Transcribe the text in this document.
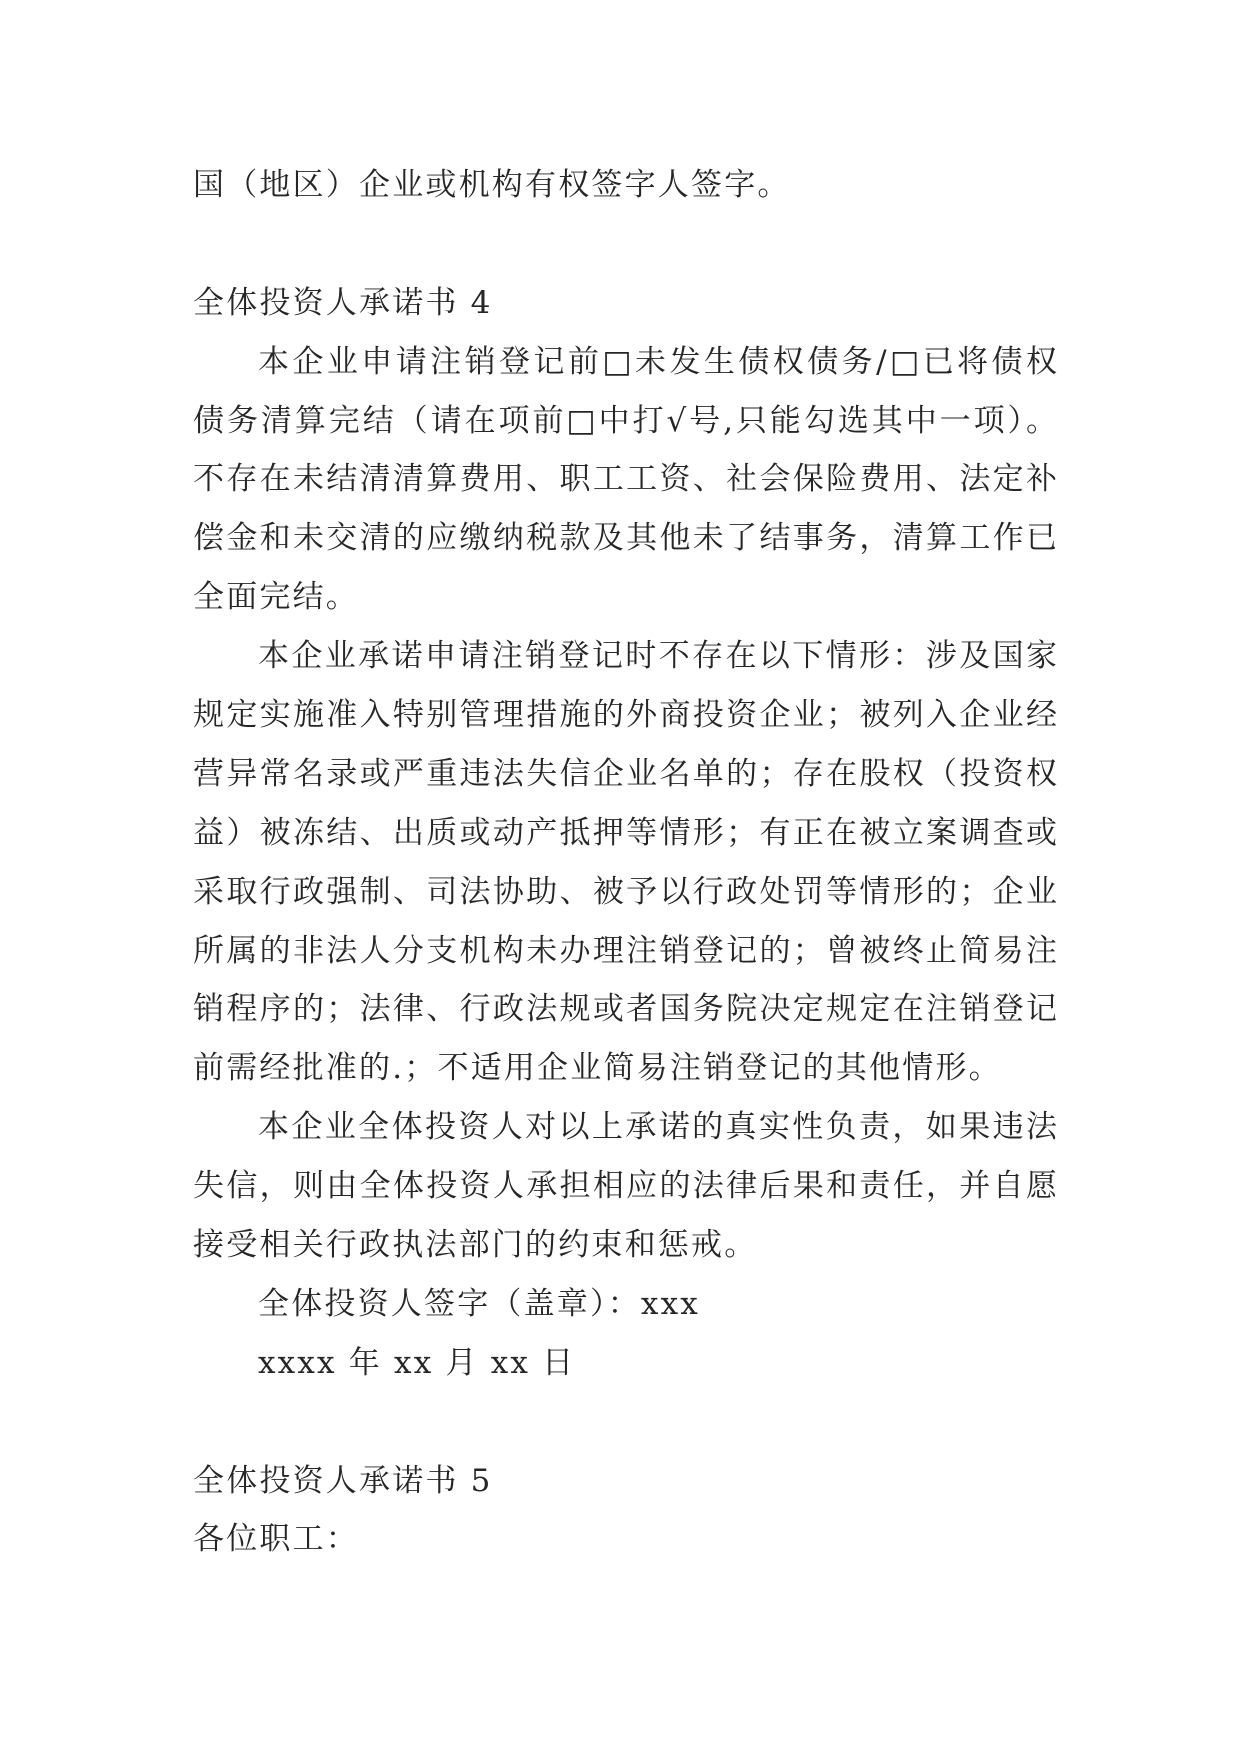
国（地区）企业或机构有权签字人签字。
全体投资人承诺书 4
本企业申请注销登记前□未发生债权债务/□已将债权
债务清算完结（请在项前□中打√号,只能勾选其中一项）。
不存在未结清清算费用、职工工资、社会保险费用、法定补
偿金和未交清的应缴纳税款及其他未了结事务，清算工作已
全面完结。
本企业承诺申请注销登记时不存在以下情形：涉及国家
规定实施准入特别管理措施的外商投资企业；被列入企业经
营异常名录或严重违法失信企业名单的；存在股权（投资权
益）被冻结、出质或动产抵押等情形；有正在被立案调查或
采取行政强制、司法协助、被予以行政处罚等情形的；企业
所属的非法人分支机构未办理注销登记的；曾被终止简易注
销程序的；法律、行政法规或者国务院决定规定在注销登记
前需经批准的.；不适用企业简易注销登记的其他情形。
本企业全体投资人对以上承诺的真实性负责，如果违法
失信，则由全体投资人承担相应的法律后果和责任，并自愿
接受相关行政执法部门的约束和惩戒。
全体投资人签字（盖章）：xxx
xxxx 年 xx 月 xx 日
全体投资人承诺书 5
各位职工：
